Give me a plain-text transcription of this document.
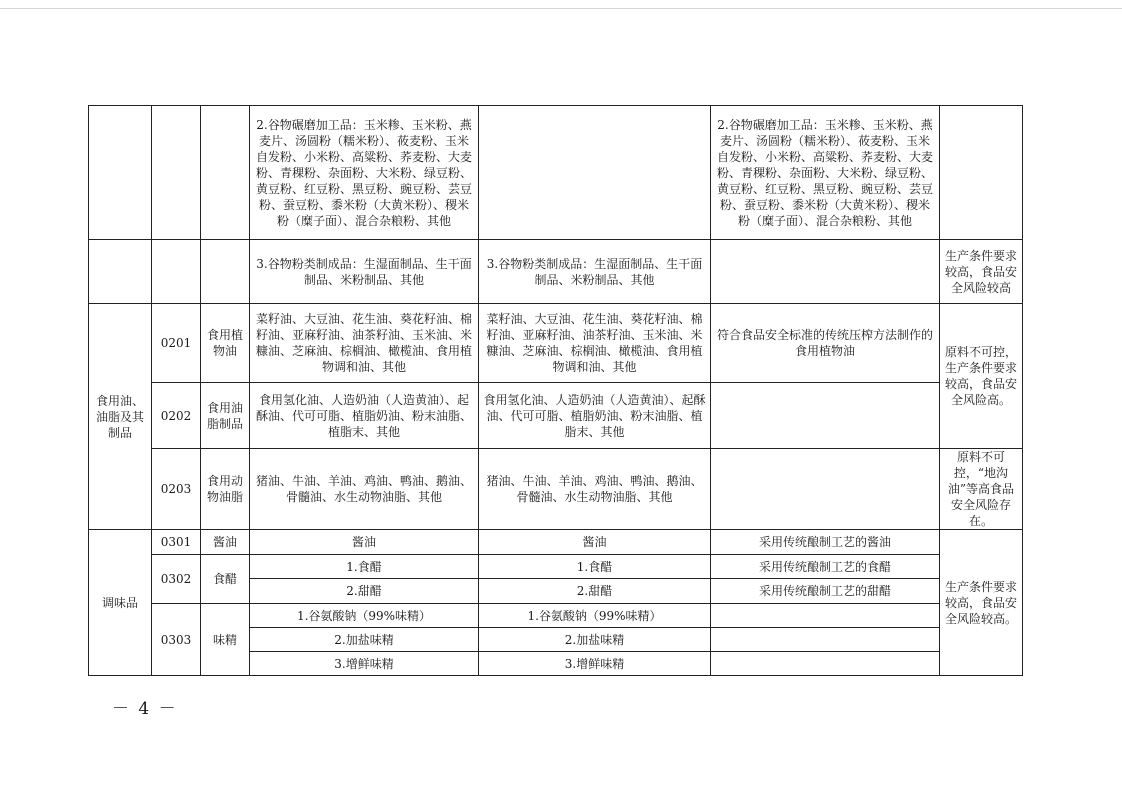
			2.谷物碾磨加工品：玉米糁、玉米粉、燕麦片、汤圆粉（糯米粉）、莜麦粉、玉米自发粉、小米粉、高粱粉、荞麦粉、大麦粉、青稞粉、杂面粉、大米粉、绿豆粉、黄豆粉、红豆粉、黑豆粉、豌豆粉、芸豆粉、蚕豆粉、黍米粉（大黄米粉）、稷米粉（糜子面）、混合杂粮粉、其他		2.谷物碾磨加工品：玉米糁、玉米粉、燕麦片、汤圆粉（糯米粉）、莜麦粉、玉米自发粉、小米粉、高粱粉、荞麦粉、大麦粉、青稞粉、杂面粉、大米粉、绿豆粉、黄豆粉、红豆粉、黑豆粉、豌豆粉、芸豆粉、蚕豆粉、黍米粉（大黄米粉）、稷米粉（糜子面）、混合杂粮粉、其他	
			3.谷物粉类制成品：生湿面制品、生干面制品、米粉制品、其他	3.谷物粉类制成品：生湿面制品、生干面制品、米粉制品、其他		生产条件要求较高，食品安全风险较高
食用油、油脂及其制品	0201	食用植物油	菜籽油、大豆油、花生油、葵花籽油、棉籽油、亚麻籽油、油茶籽油、玉米油、米糠油、芝麻油、棕榈油、橄榄油、食用植物调和油、其他	菜籽油、大豆油、花生油、葵花籽油、棉籽油、亚麻籽油、油茶籽油、玉米油、米糠油、芝麻油、棕榈油、橄榄油、食用植物调和油、其他	符合食品安全标准的传统压榨方法制作的食用植物油	原料不可控，生产条件要求较高，食品安全风险高。
	0202	食用油脂制品	食用氢化油、人造奶油（人造黄油）、起酥油、代可可脂、植脂奶油、粉末油脂、植脂末、其他	食用氢化油、人造奶油（人造黄油）、起酥油、代可可脂、植脂奶油、粉末油脂、植脂末、其他		
	0203	食用动物油脂	猪油、牛油、羊油、鸡油、鸭油、鹅油、骨髓油、水生动物油脂、其他	猪油、牛油、羊油、鸡油、鸭油、鹅油、骨髓油、水生动物油脂、其他		原料不可控，“地沟油”等高食品安全风险存在。
调味品	0301	酱油	酱油	酱油	采用传统酿制工艺的酱油	生产条件要求较高，食品安全风险较高。
	0302	食醋	1.食醋	1.食醋	采用传统酿制工艺的食醋	
			2.甜醋	2.甜醋	采用传统酿制工艺的甜醋	
	0303	味精	1.谷氨酸钠（99%味精）	1.谷氨酸钠（99%味精）		
			2.加盐味精	2.加盐味精		
			3.增鲜味精	3.增鲜味精		
－ 4 －
